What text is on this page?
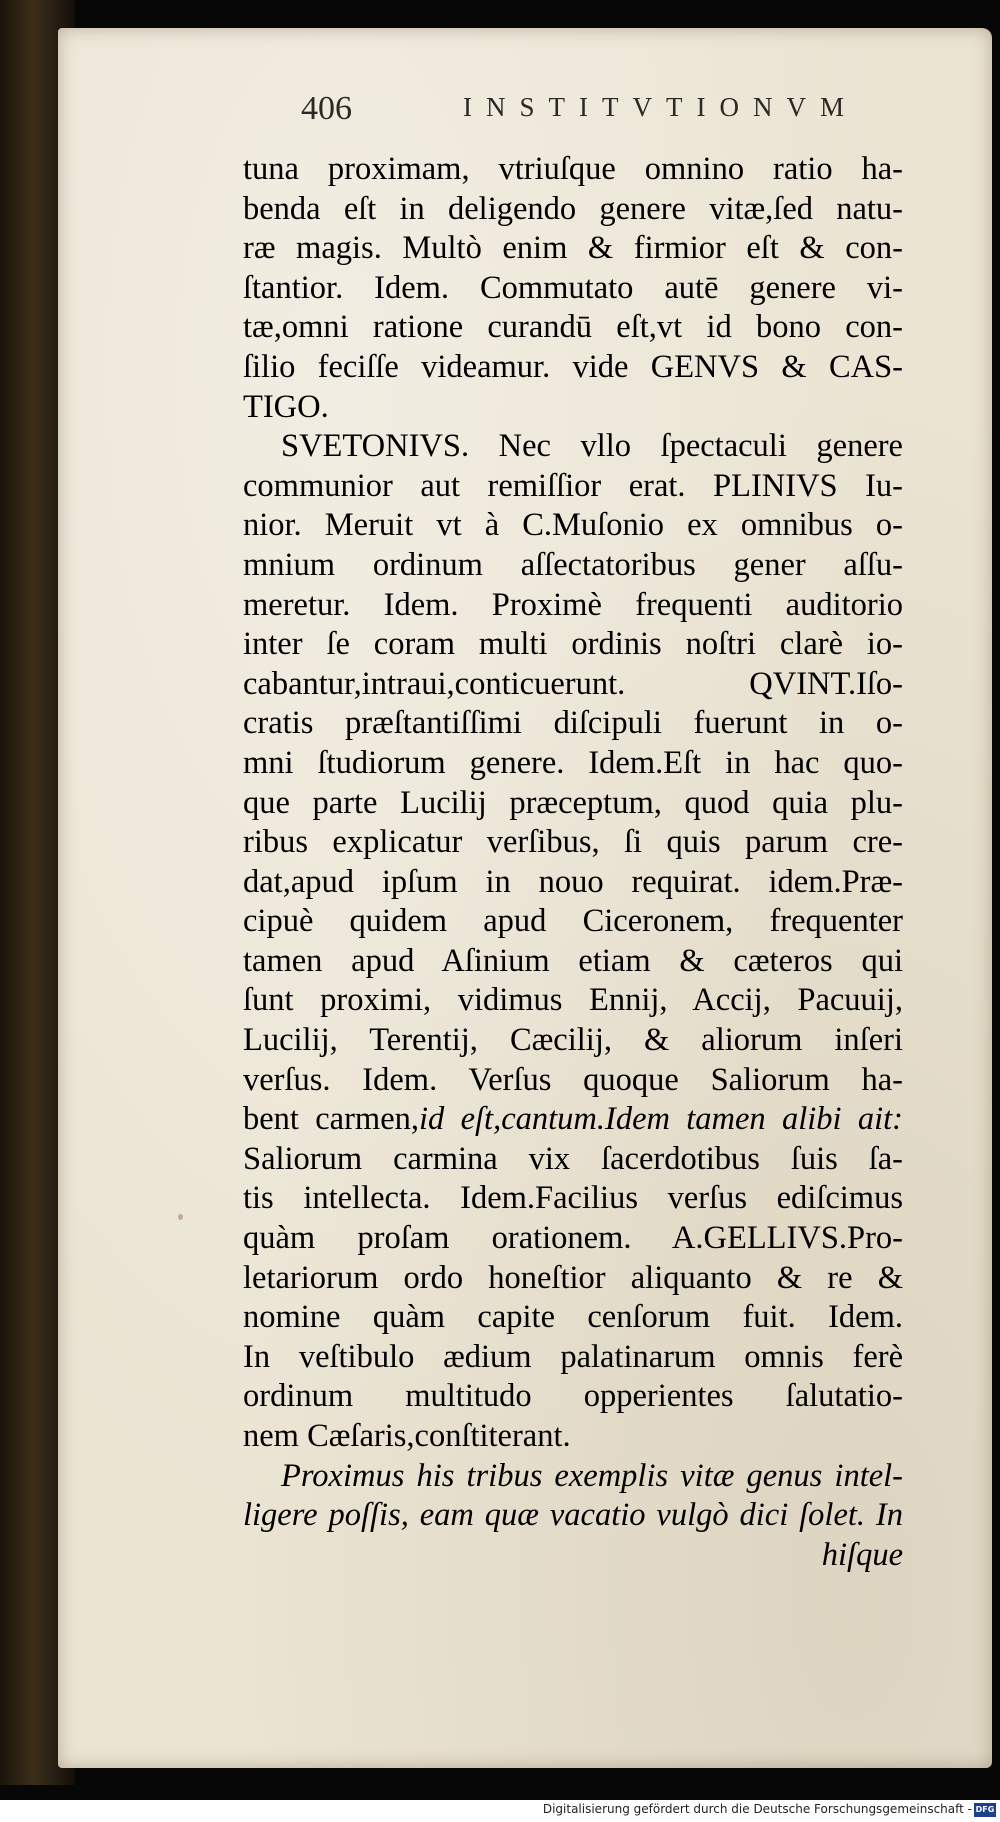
406	INSTITVTIONVM
tuna proximam, vtriuſque omnino ratio ha-
benda eſt in deligendo genere vitæ,ſed natu-
ræ magis. Multò enim & firmior eſt & con-
ſtantior. Idem. Commutato autē genere vi-
tæ,omni ratione curandū eſt,vt id bono con-
ſilio feciſſe videamur. vide GENVS & CAS-
TIGO.
SVETONIVS. Nec vllo ſpectaculi genere
communior aut remiſſior erat. PLINIVS Iu-
nior. Meruit vt à C.Muſonio ex omnibus o-
mnium ordinum aſſectatoribus gener aſſu-
meretur. Idem. Proximè frequenti auditorio
inter ſe coram multi ordinis noſtri clarè io-
cabantur,intraui,conticuerunt. QVINT.Iſo-
cratis præſtantiſſimi diſcipuli fuerunt in o-
mni ſtudiorum genere. Idem.Eſt in hac quo-
que parte Lucilij præceptum, quod quia plu-
ribus explicatur verſibus, ſi quis parum cre-
dat,apud ipſum in nouo requirat. idem.Præ-
cipuè quidem apud Ciceronem, frequenter
tamen apud Aſinium etiam & cæteros qui
ſunt proximi, vidimus Ennij, Accij, Pacuuij,
Lucilij, Terentij, Cæcilij, & aliorum inſeri
verſus. Idem. Verſus quoque Saliorum ha-
bent carmen,id eſt,cantum.Idem tamen alibi ait:
Saliorum carmina vix ſacerdotibus ſuis ſa-
tis intellecta. Idem.Facilius verſus ediſcimus
quàm proſam orationem. A.GELLIVS.Pro-
letariorum ordo honeſtior aliquanto & re &
nomine quàm capite cenſorum fuit. Idem.
In veſtibulo ædium palatinarum omnis ferè
ordinum multitudo opperientes ſalutatio-
nem Cæſaris,conſtiterant.
Proximus his tribus exemplis vitæ genus intel-
ligere poſſis, eam quæ vacatio vulgò dici ſolet. In
hiſque
Digitalisierung gefördert durch die Deutsche Forschungsgemeinschaft - DFG
